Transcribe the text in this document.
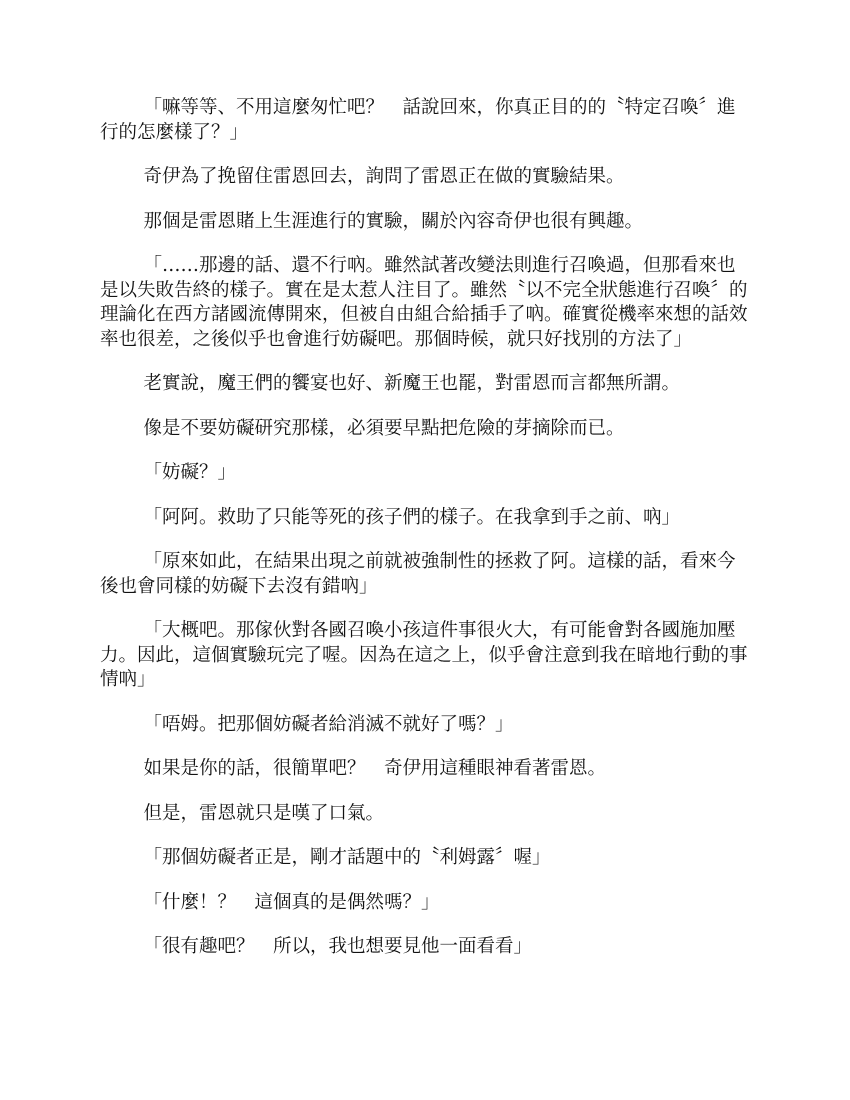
「嘛等等、不用這麼匆忙吧？　話說回來，你真正目的的〝特定召喚〞進行的怎麼樣了？」

奇伊為了挽留住雷恩回去，詢問了雷恩正在做的實驗結果。

那個是雷恩賭上生涯進行的實驗，關於內容奇伊也很有興趣。

「……那邊的話、還不行吶。雖然試著改變法則進行召喚過，但那看來也是以失敗告終的樣子。實在是太惹人注目了。雖然〝以不完全狀態進行召喚〞的理論化在西方諸國流傳開來，但被自由組合給插手了吶。確實從機率來想的話效率也很差，之後似乎也會進行妨礙吧。那個時候，就只好找別的方法了」

老實說，魔王們的饗宴也好、新魔王也罷，對雷恩而言都無所謂。

像是不要妨礙研究那樣，必須要早點把危險的芽摘除而已。

「妨礙？」

「阿阿。救助了只能等死的孩子們的樣子。在我拿到手之前、吶」

「原來如此，在結果出現之前就被強制性的拯救了阿。這樣的話，看來今後也會同樣的妨礙下去沒有錯吶」

「大概吧。那傢伙對各國召喚小孩這件事很火大，有可能會對各國施加壓力。因此，這個實驗玩完了喔。因為在這之上，似乎會注意到我在暗地行動的事情吶」

「唔姆。把那個妨礙者給消滅不就好了嗎？」

如果是你的話，很簡單吧？　奇伊用這種眼神看著雷恩。

但是，雷恩就只是嘆了口氣。

「那個妨礙者正是，剛才話題中的〝利姆露〞喔」

「什麼！？　這個真的是偶然嗎？」

「很有趣吧？　所以，我也想要見他一面看看」
